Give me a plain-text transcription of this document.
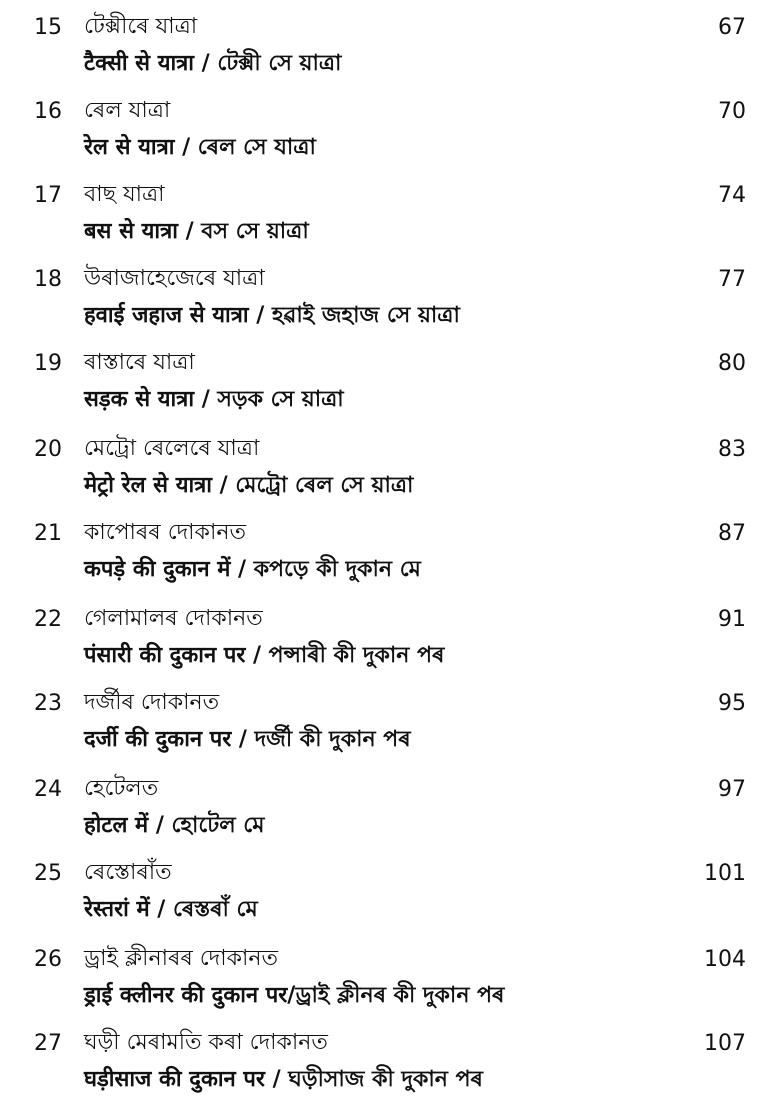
15 টেক্সীৰে যাত্ৰা
टैक्सी से यात्रा / টেক্সী সে য়াত্ৰা
67
16 ৰেল যাত্ৰা
रेल से यात्रा / ৰেল সে যাত্ৰা
70
17 বাছ যাত্ৰা
बस से यात्रा / বস সে য়াত্ৰা
74
18 উৰাজাহেজেৰে যাত্ৰা
हवाई जहाज से यात्रा / হৱাই জহাজ সে য়াত্ৰা
77
19 ৰাস্তাৰে যাত্ৰা
सड़क से यात्रा / সড়ক সে য়াত্ৰা
80
20 মেট্ৰো ৰেলেৰে যাত্ৰা
मेट्रो रेल से यात्रा / মেট্ৰো ৰেল সে য়াত্ৰা
83
21 কাপোৰৰ দোকানত
कपड़े की दुकान में / কপড়ে কী দুকান মে
87
22 গেলামালৰ দোকানত
पंसारी की दुकान पर / পন্সাৰী কী দুকান পৰ
91
23 দৰ্জীৰ দোকানত
दर्जी की दुकान पर / দৰ্জী কী দুকান পৰ
95
24 হেটেলত
होटल में / হোটেল মে
97
25 ৰেস্তোৰাঁত
रेस्तरां में / ৰেস্তৰাঁ মে
101
26 ড্ৰাই ক্লীনাৰৰ দোকানত
ड्राई क्लीनर की दुकान पर/ড্ৰাই ক্লীনৰ কী দুকান পৰ
104
27 ঘড়ী মেৰামতি কৰা দোকানত
घड़ीसाज की दुकान पर / ঘড়ীসাজ কী দুকান পৰ
107
